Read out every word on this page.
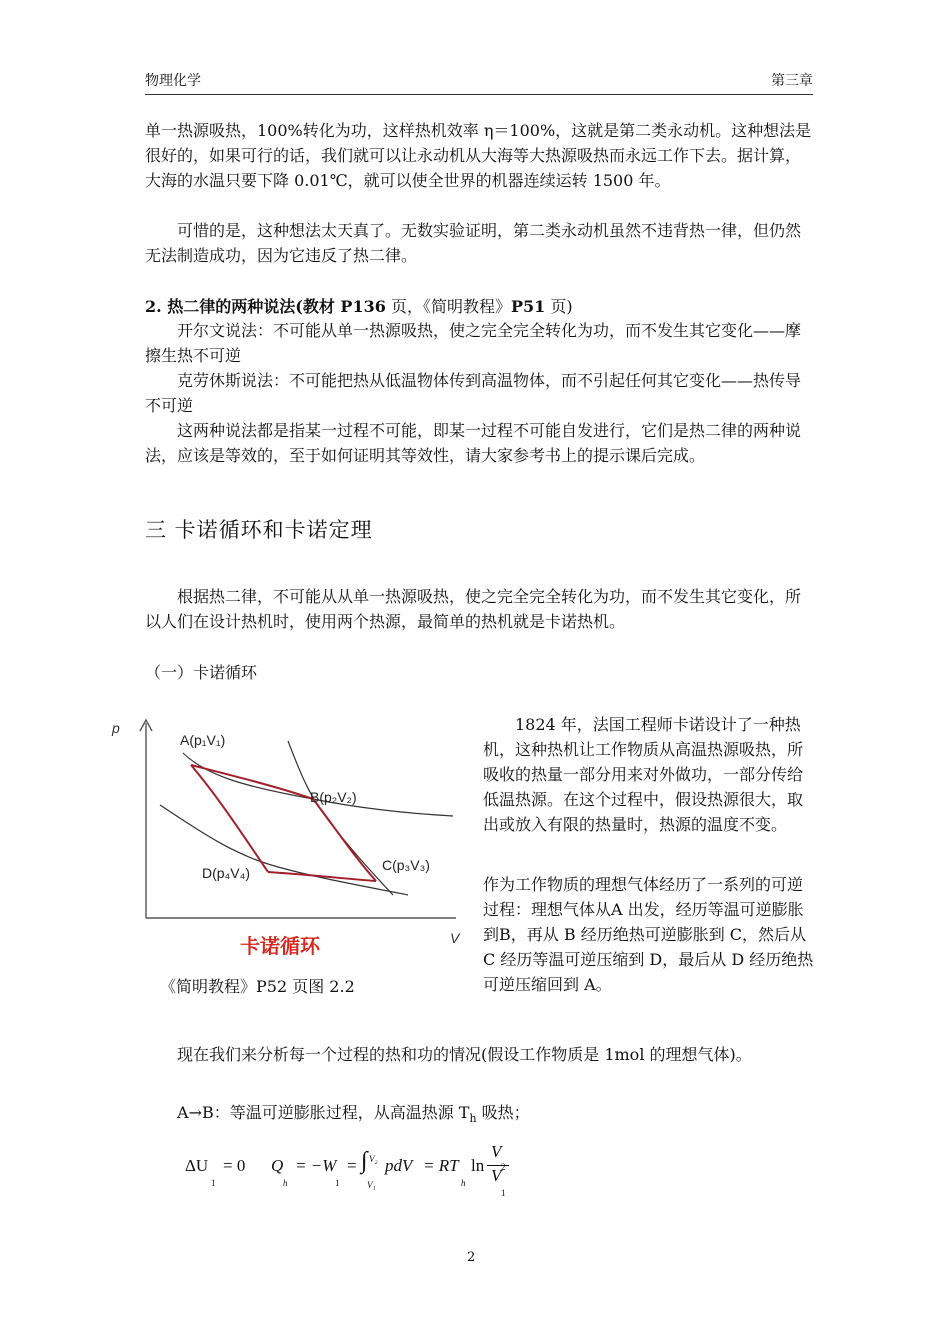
物理化学	第三章
单一热源吸热，100%转化为功，这样热机效率 η＝100%，这就是第二类永动机。这种想法是很好的，如果可行的话，我们就可以让永动机从大海等大热源吸热而永远工作下去。据计算，大海的水温只要下降 0.01℃，就可以使全世界的机器连续运转 1500 年。
可惜的是，这种想法太天真了。无数实验证明，第二类永动机虽然不违背热一律，但仍然无法制造成功，因为它违反了热二律。
2. 热二律的两种说法(教材 P136 页，《简明教程》P51 页)
开尔文说法：不可能从单一热源吸热，使之完全完全转化为功，而不发生其它变化——摩擦生热不可逆
克劳休斯说法：不可能把热从低温物体传到高温物体，而不引起任何其它变化——热传导不可逆
这两种说法都是指某一过程不可能，即某一过程不可能自发进行，它们是热二律的两种说法，应该是等效的，至于如何证明其等效性，请大家参考书上的提示课后完成。
三 卡诺循环和卡诺定理
根据热二律，不可能从从单一热源吸热，使之完全完全转化为功，而不发生其它变化，所以人们在设计热机时，使用两个热源，最简单的热机就是卡诺热机。
（一）卡诺循环
p
V
A(p₁V₁)
B(p₂V₂)
C(p₃V₃)
D(p₄V₄)
卡诺循环
《简明教程》P52 页图 2.2
1824 年，法国工程师卡诺设计了一种热机，这种热机让工作物质从高温热源吸热，所吸收的热量一部分用来对外做功，一部分传给低温热源。在这个过程中，假设热源很大，取出或放入有限的热量时，热源的温度不变。
作为工作物质的理想气体经历了一系列的可逆过程：理想气体从A 出发，经历等温可逆膨胀到B，再从 B 经历绝热可逆膨胀到 C，然后从 C 经历等温可逆压缩到 D，最后从 D 经历绝热可逆压缩回到 A。
现在我们来分析每一个过程的热和功的情况(假设工作物质是 1mol 的理想气体)。
A→B：等温可逆膨胀过程，从高温热源 $T_h$ 吸热；
ΔU
1
= 0 Q
h
= −W
1
= ∫ V₂
V₁
pdV = RT
h
ln
V
2
V
1
2
